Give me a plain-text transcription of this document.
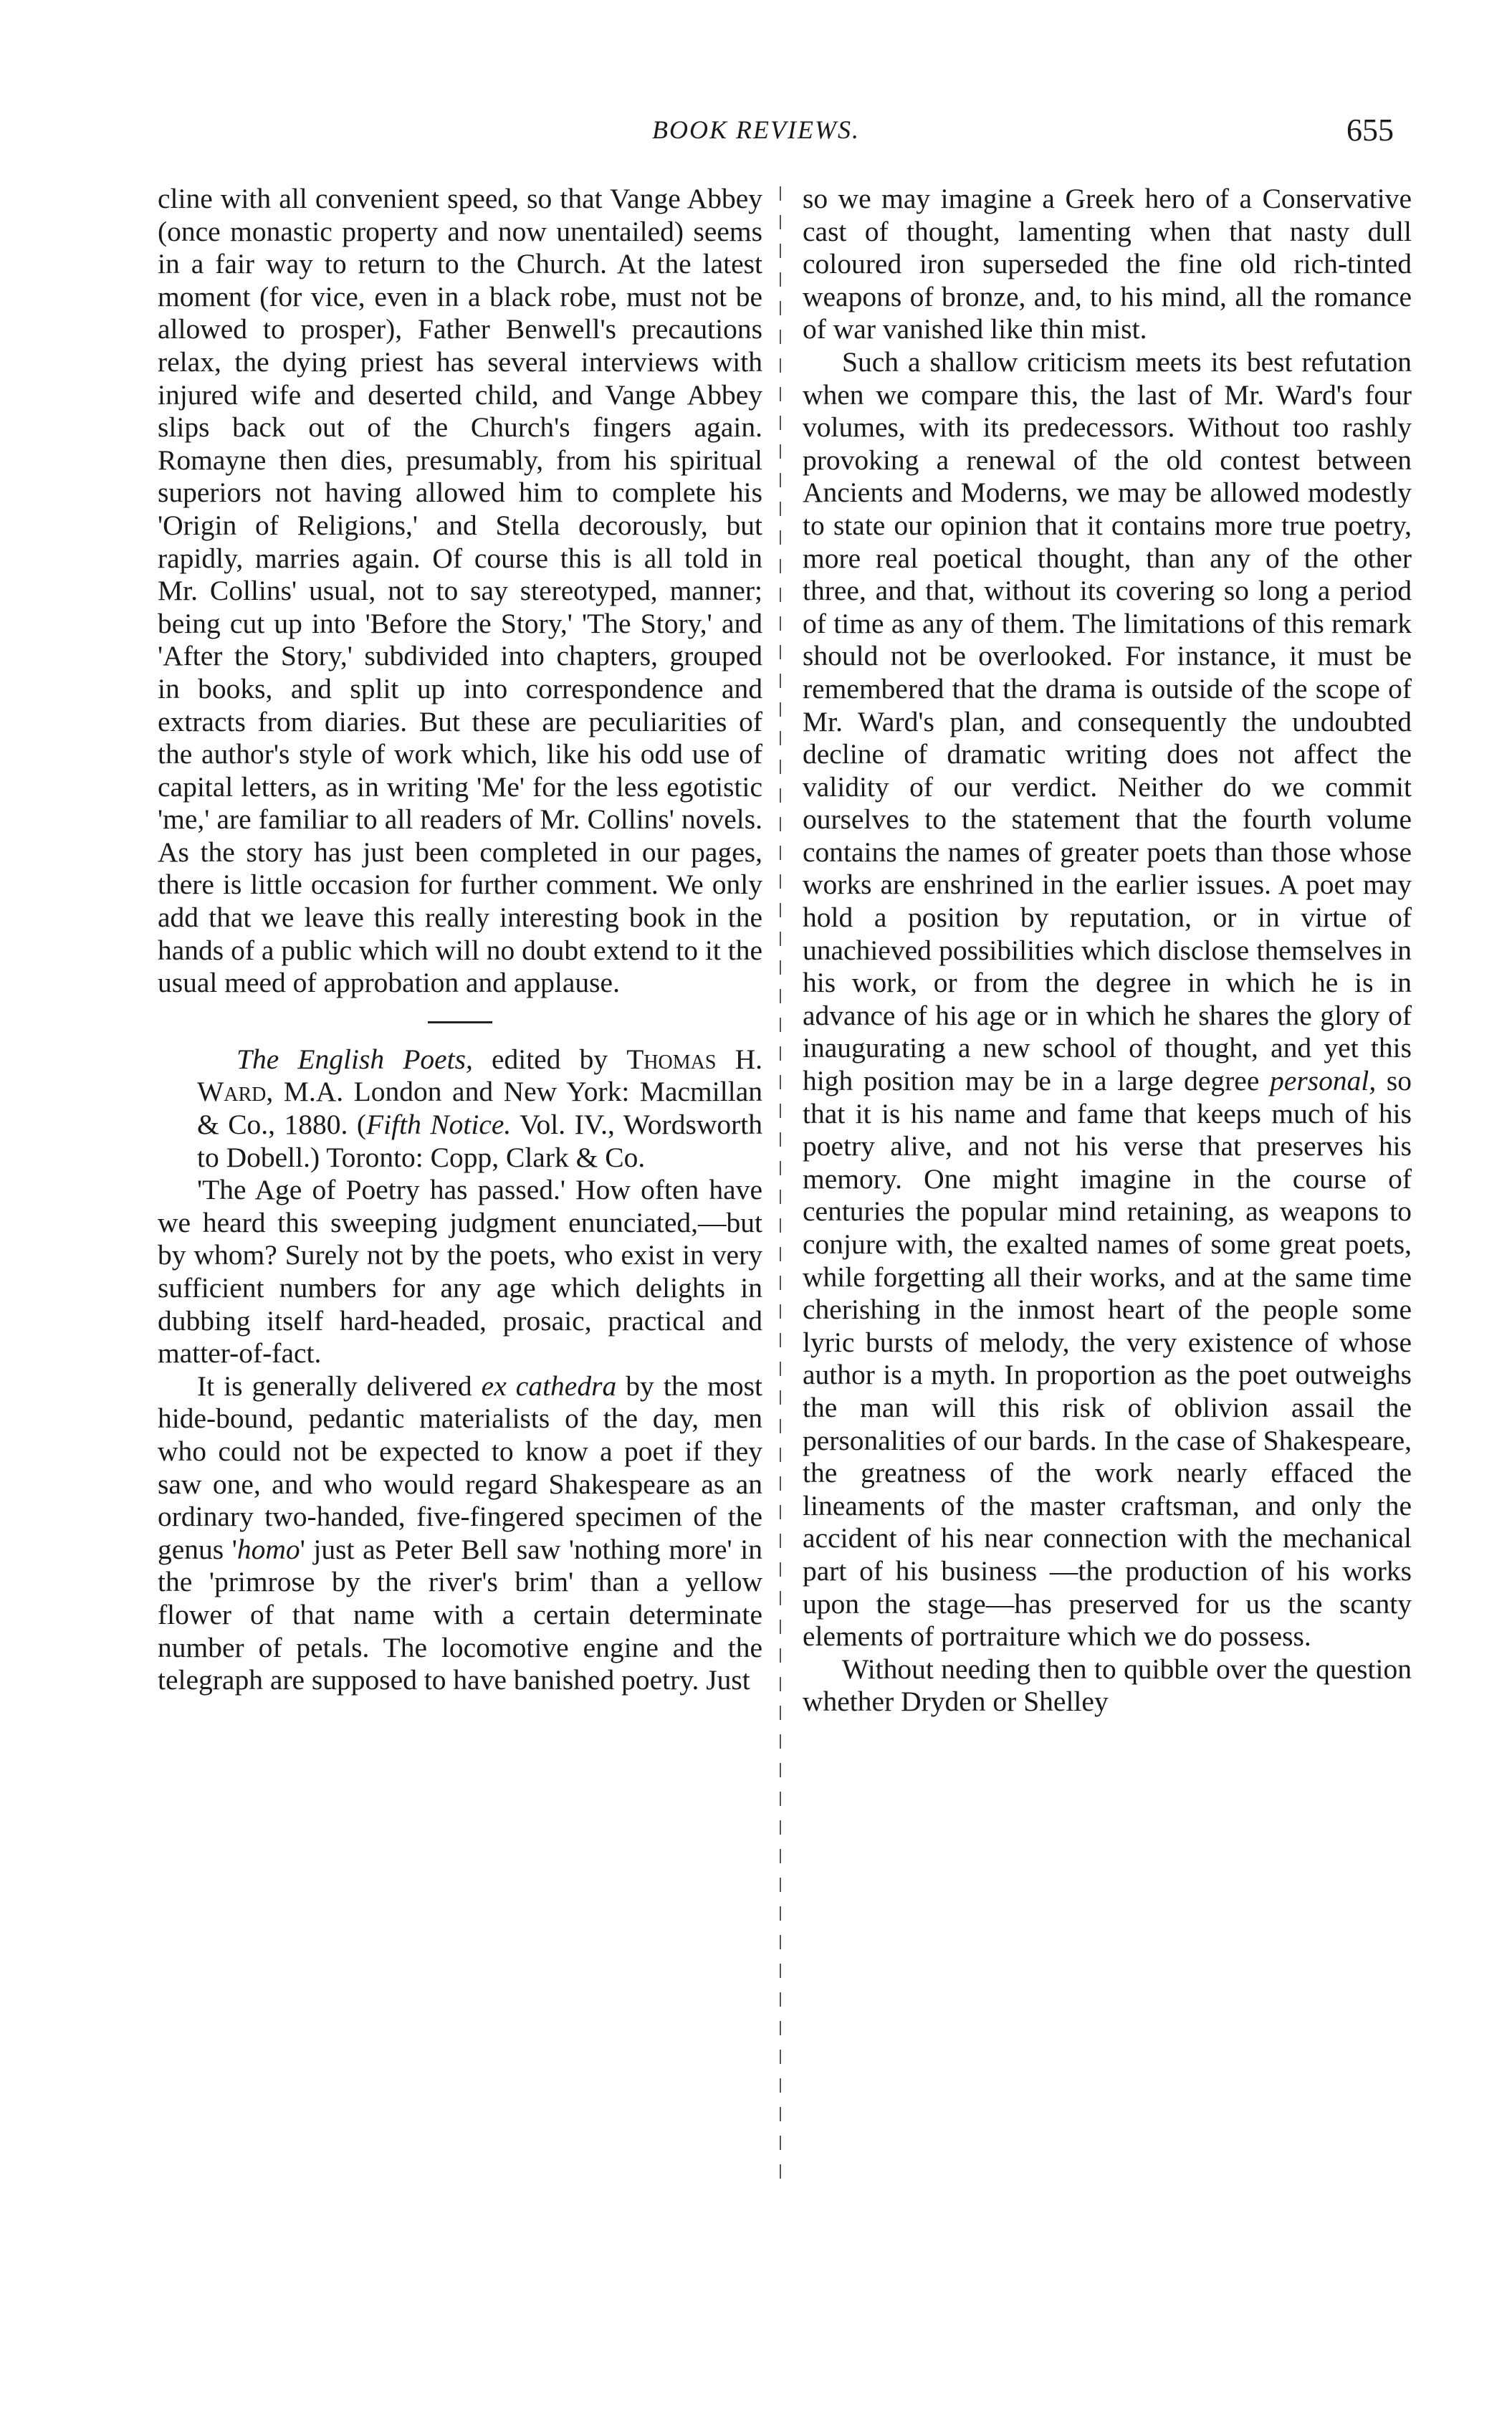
BOOK REVIEWS.	655

cline with all convenient speed, so that Vange Abbey (once monastic property and now unentailed) seems in a fair way to return to the Church. At the latest moment (for vice, even in a black robe, must not be allowed to prosper), Father Benwell's precautions relax, the dying priest has several interviews with injured wife and deserted child, and Vange Abbey slips back out of the Church's fingers again. Romayne then dies, presumably, from his spiritual superiors not having allowed him to complete his 'Origin of Religions,' and Stella decorously, but rapidly, marries again. Of course this is all told in Mr. Collins' usual, not to say stereotyped, manner; being cut up into 'Before the Story,' 'The Story,' and 'After the Story,' subdivided into chapters, grouped in books, and split up into correspondence and extracts from diaries. But these are peculiarities of the author's style of work which, like his odd use of capital letters, as in writing 'Me' for the less egotistic 'me,' are familiar to all readers of Mr. Collins' novels. As the story has just been completed in our pages, there is little occasion for further comment. We only add that we leave this really interesting book in the hands of a public which will no doubt extend to it the usual meed of approbation and applause.

The English Poets, edited by Thomas H. Ward, M.A. London and New York: Macmillan & Co., 1880. (Fifth Notice. Vol. IV., Wordsworth to Dobell.) Toronto: Copp, Clark & Co.

'The Age of Poetry has passed.' How often have we heard this sweeping judgment enunciated,—but by whom? Surely not by the poets, who exist in very sufficient numbers for any age which delights in dubbing itself hard-headed, prosaic, practical and matter-of-fact.

It is generally delivered ex cathedra by the most hide-bound, pedantic materialists of the day, men who could not be expected to know a poet if they saw one, and who would regard Shakespeare as an ordinary two-handed, five-fingered specimen of the genus 'homo' just as Peter Bell saw 'nothing more' in the 'primrose by the river's brim' than a yellow flower of that name with a certain determinate number of petals. The locomotive engine and the telegraph are supposed to have banished poetry. Just

so we may imagine a Greek hero of a Conservative cast of thought, lamenting when that nasty dull coloured iron superseded the fine old rich-tinted weapons of bronze, and, to his mind, all the romance of war vanished like thin mist.

Such a shallow criticism meets its best refutation when we compare this, the last of Mr. Ward's four volumes, with its predecessors. Without too rashly provoking a renewal of the old contest between Ancients and Moderns, we may be allowed modestly to state our opinion that it contains more true poetry, more real poetical thought, than any of the other three, and that, without its covering so long a period of time as any of them. The limitations of this remark should not be overlooked. For instance, it must be remembered that the drama is outside of the scope of Mr. Ward's plan, and consequently the undoubted decline of dramatic writing does not affect the validity of our verdict. Neither do we commit ourselves to the statement that the fourth volume contains the names of greater poets than those whose works are enshrined in the earlier issues. A poet may hold a position by reputation, or in virtue of unachieved possibilities which disclose themselves in his work, or from the degree in which he is in advance of his age or in which he shares the glory of inaugurating a new school of thought, and yet this high position may be in a large degree personal, so that it is his name and fame that keeps much of his poetry alive, and not his verse that preserves his memory. One might imagine in the course of centuries the popular mind retaining, as weapons to conjure with, the exalted names of some great poets, while forgetting all their works, and at the same time cherishing in the inmost heart of the people some lyric bursts of melody, the very existence of whose author is a myth. In proportion as the poet outweighs the man will this risk of oblivion assail the personalities of our bards. In the case of Shakespeare, the greatness of the work nearly effaced the lineaments of the master craftsman, and only the accident of his near connection with the mechanical part of his business —the production of his works upon the stage—has preserved for us the scanty elements of portraiture which we do possess.

Without needing then to quibble over the question whether Dryden or Shelley
